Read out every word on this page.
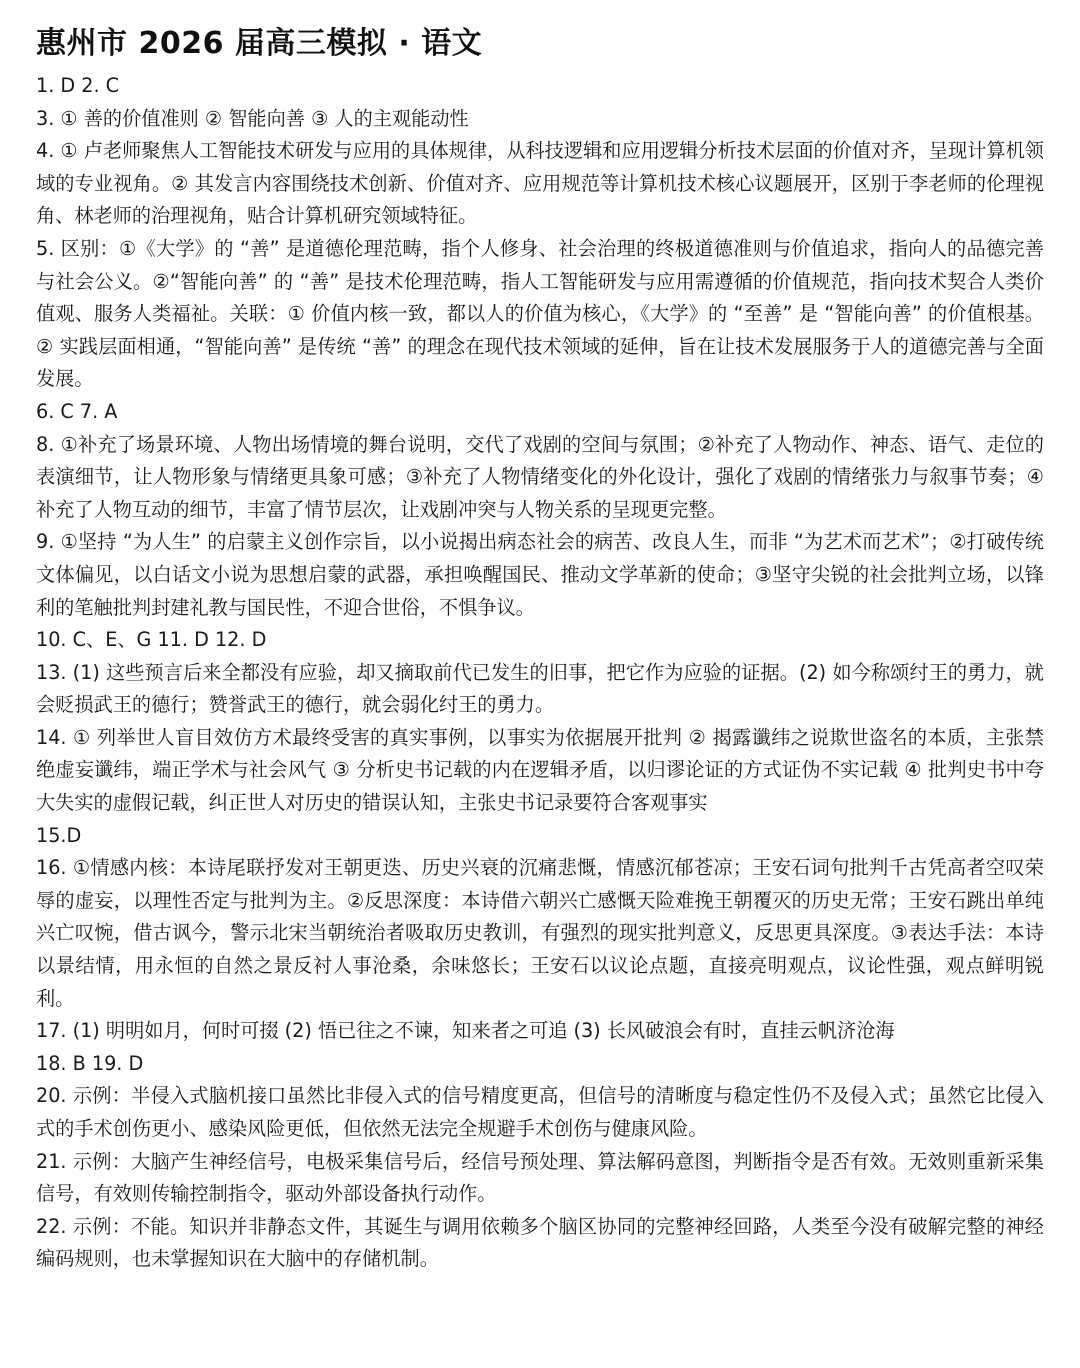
惠州市 2026 届高三模拟 · 语文

1. D 2. C

3. ① 善的价值准则 ② 智能向善 ③ 人的主观能动性

4. ① 卢老师聚焦人工智能技术研发与应用的具体规律，从科技逻辑和应用逻辑分析技术层面的价值对齐，呈现计算机领域的专业视角。② 其发言内容围绕技术创新、价值对齐、应用规范等计算机技术核心议题展开，区别于李老师的伦理视角、林老师的治理视角，贴合计算机研究领域特征。

5. 区别：①《大学》的 “善” 是道德伦理范畴，指个人修身、社会治理的终极道德准则与价值追求，指向人的品德完善与社会公义。②“智能向善” 的 “善” 是技术伦理范畴，指人工智能研发与应用需遵循的价值规范，指向技术契合人类价值观、服务人类福祉。关联：① 价值内核一致，都以人的价值为核心，《大学》的 “至善” 是 “智能向善” 的价值根基。② 实践层面相通，“智能向善” 是传统 “善” 的理念在现代技术领域的延伸，旨在让技术发展服务于人的道德完善与全面发展。

6. C 7. A

8. ①补充了场景环境、人物出场情境的舞台说明，交代了戏剧的空间与氛围；②补充了人物动作、神态、语气、走位的表演细节，让人物形象与情绪更具象可感；③补充了人物情绪变化的外化设计，强化了戏剧的情绪张力与叙事节奏；④补充了人物互动的细节，丰富了情节层次，让戏剧冲突与人物关系的呈现更完整。

9. ①坚持 “为人生” 的启蒙主义创作宗旨，以小说揭出病态社会的病苦、改良人生，而非 “为艺术而艺术”；②打破传统文体偏见，以白话文小说为思想启蒙的武器，承担唤醒国民、推动文学革新的使命；③坚守尖锐的社会批判立场，以锋利的笔触批判封建礼教与国民性，不迎合世俗，不惧争议。

10. C、E、G 11. D 12. D

13. (1) 这些预言后来全都没有应验，却又摘取前代已发生的旧事，把它作为应验的证据。(2) 如今称颂纣王的勇力，就会贬损武王的德行；赞誉武王的德行，就会弱化纣王的勇力。

14. ① 列举世人盲目效仿方术最终受害的真实事例，以事实为依据展开批判 ② 揭露谶纬之说欺世盗名的本质，主张禁绝虚妄谶纬，端正学术与社会风气 ③ 分析史书记载的内在逻辑矛盾，以归谬论证的方式证伪不实记载 ④ 批判史书中夸大失实的虚假记载，纠正世人对历史的错误认知，主张史书记录要符合客观事实

15.D

16. ①情感内核：本诗尾联抒发对王朝更迭、历史兴衰的沉痛悲慨，情感沉郁苍凉；王安石词句批判千古凭高者空叹荣辱的虚妄，以理性否定与批判为主。②反思深度：本诗借六朝兴亡感慨天险难挽王朝覆灭的历史无常；王安石跳出单纯兴亡叹惋，借古讽今，警示北宋当朝统治者吸取历史教训，有强烈的现实批判意义，反思更具深度。③表达手法：本诗以景结情，用永恒的自然之景反衬人事沧桑，余味悠长；王安石以议论点题，直接亮明观点，议论性强，观点鲜明锐利。

17. (1) 明明如月，何时可掇 (2) 悟已往之不谏，知来者之可追 (3) 长风破浪会有时，直挂云帆济沧海

18. B 19. D

20. 示例：半侵入式脑机接口虽然比非侵入式的信号精度更高，但信号的清晰度与稳定性仍不及侵入式；虽然它比侵入式的手术创伤更小、感染风险更低，但依然无法完全规避手术创伤与健康风险。

21. 示例：大脑产生神经信号，电极采集信号后，经信号预处理、算法解码意图，判断指令是否有效。无效则重新采集信号，有效则传输控制指令，驱动外部设备执行动作。

22. 示例：不能。知识并非静态文件，其诞生与调用依赖多个脑区协同的完整神经回路，人类至今没有破解完整的神经编码规则，也未掌握知识在大脑中的存储机制。
